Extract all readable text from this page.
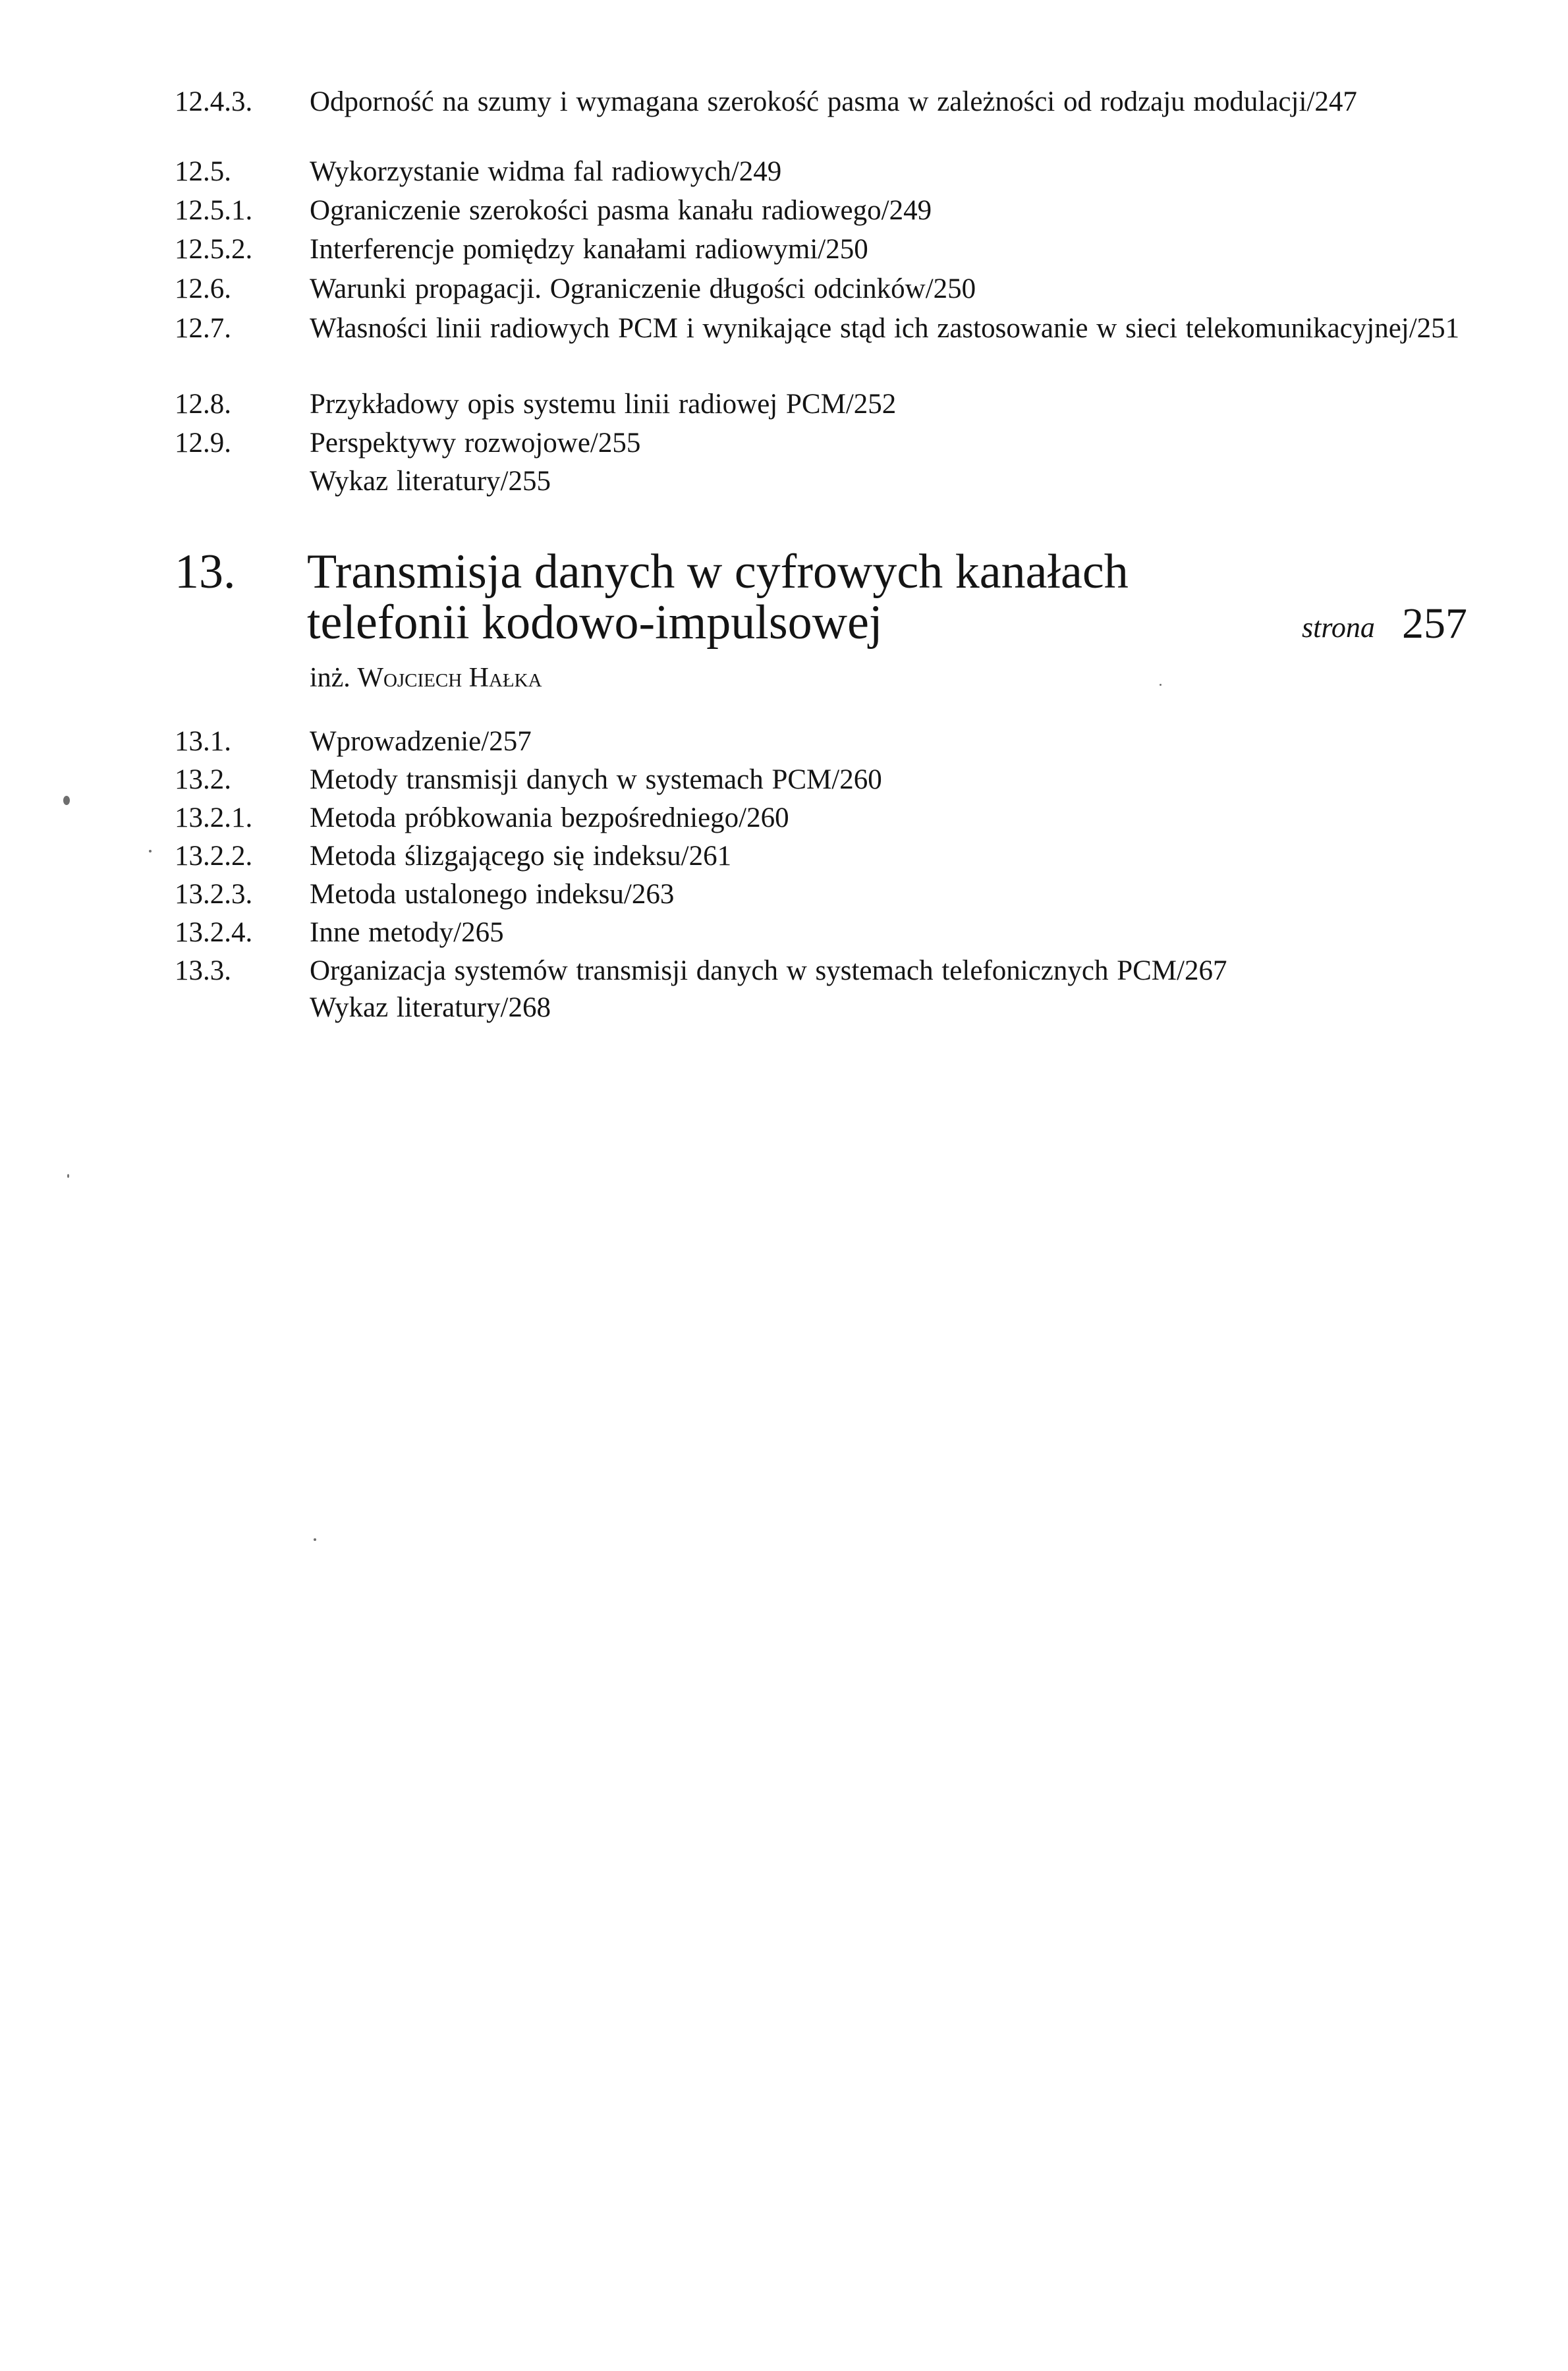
12.4.3. Odporność na szumy i wymagana szerokość pasma w zależności od rodzaju modulacji/247
12.5.	Wykorzystanie widma fal radiowych/249
12.5.1. Ograniczenie szerokości pasma kanału radiowego/249
12.5.2. Interferencje pomiędzy kanałami radiowymi/250
12.6.	Warunki propagacji. Ograniczenie długości odcinków/250
12.7.	Własności linii radiowych PCM i wynikające stąd ich zastosowanie w sieci telekomunikacyjnej/251
12.8.	Przykładowy opis systemu linii radiowej PCM/252
12.9.	Perspektywy rozwojowe/255
Wykaz literatury/255
13. Transmisja danych w cyfrowych kanałach
telefonii kodowo-impulsowej	strona 257
inż. Wojciech Hałka
13.1.	Wprowadzenie/257
13.2.	Metody transmisji danych w systemach PCM/260
13.2.1. Metoda próbkowania bezpośredniego/260
13.2.2. Metoda ślizgającego się indeksu/261
13.2.3. Metoda ustalonego indeksu/263
13.2.4. Inne metody/265
13.3.	Organizacja systemów transmisji danych w systemach telefonicznych PCM/267
Wykaz literatury/268
